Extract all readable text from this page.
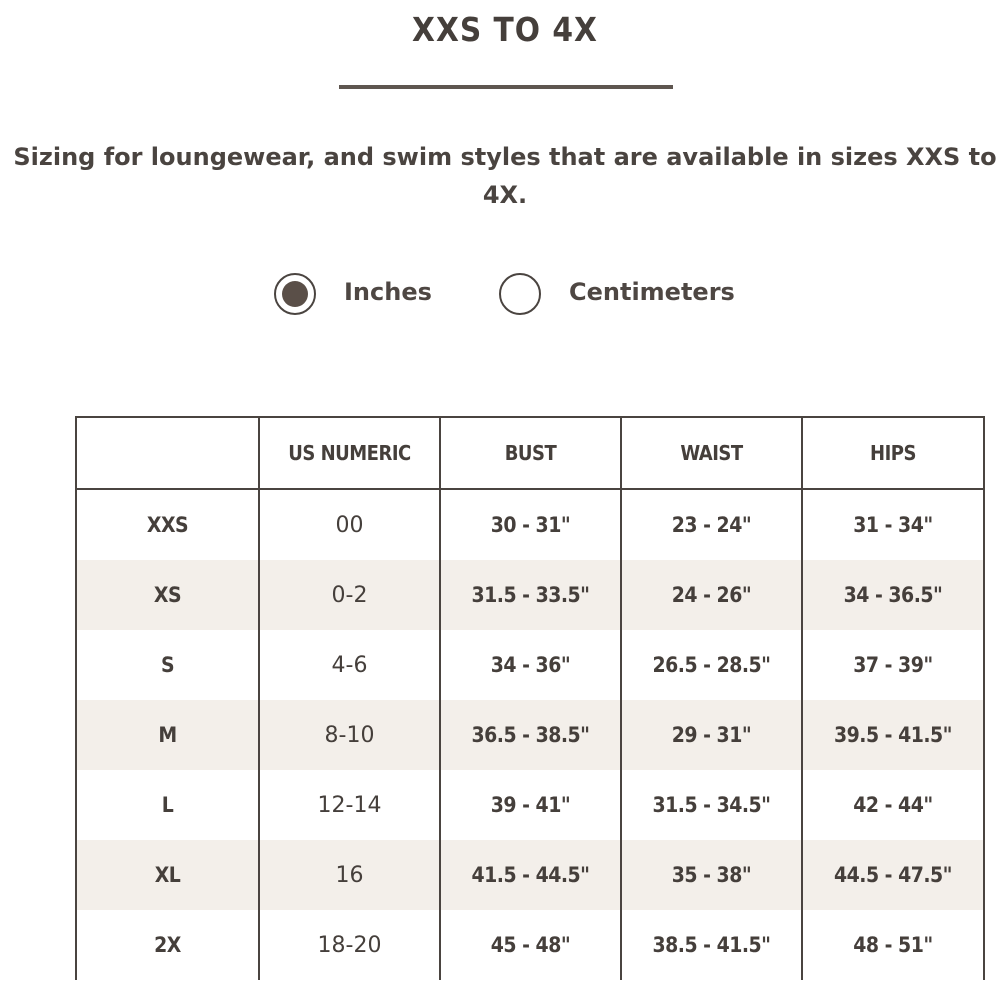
XXS TO 4X
Sizing for loungewear, and swim styles that are available in sizes XXS to 4X.
Inches	Centimeters
	US NUMERIC	BUST	WAIST	HIPS
XXS	00	30 - 31"	23 - 24"	31 - 34"
XS	0-2	31.5 - 33.5"	24 - 26"	34 - 36.5"
S	4-6	34 - 36"	26.5 - 28.5"	37 - 39"
M	8-10	36.5 - 38.5"	29 - 31"	39.5 - 41.5"
L	12-14	39 - 41"	31.5 - 34.5"	42 - 44"
XL	16	41.5 - 44.5"	35 - 38"	44.5 - 47.5"
2X	18-20	45 - 48"	38.5 - 41.5"	48 - 51"
